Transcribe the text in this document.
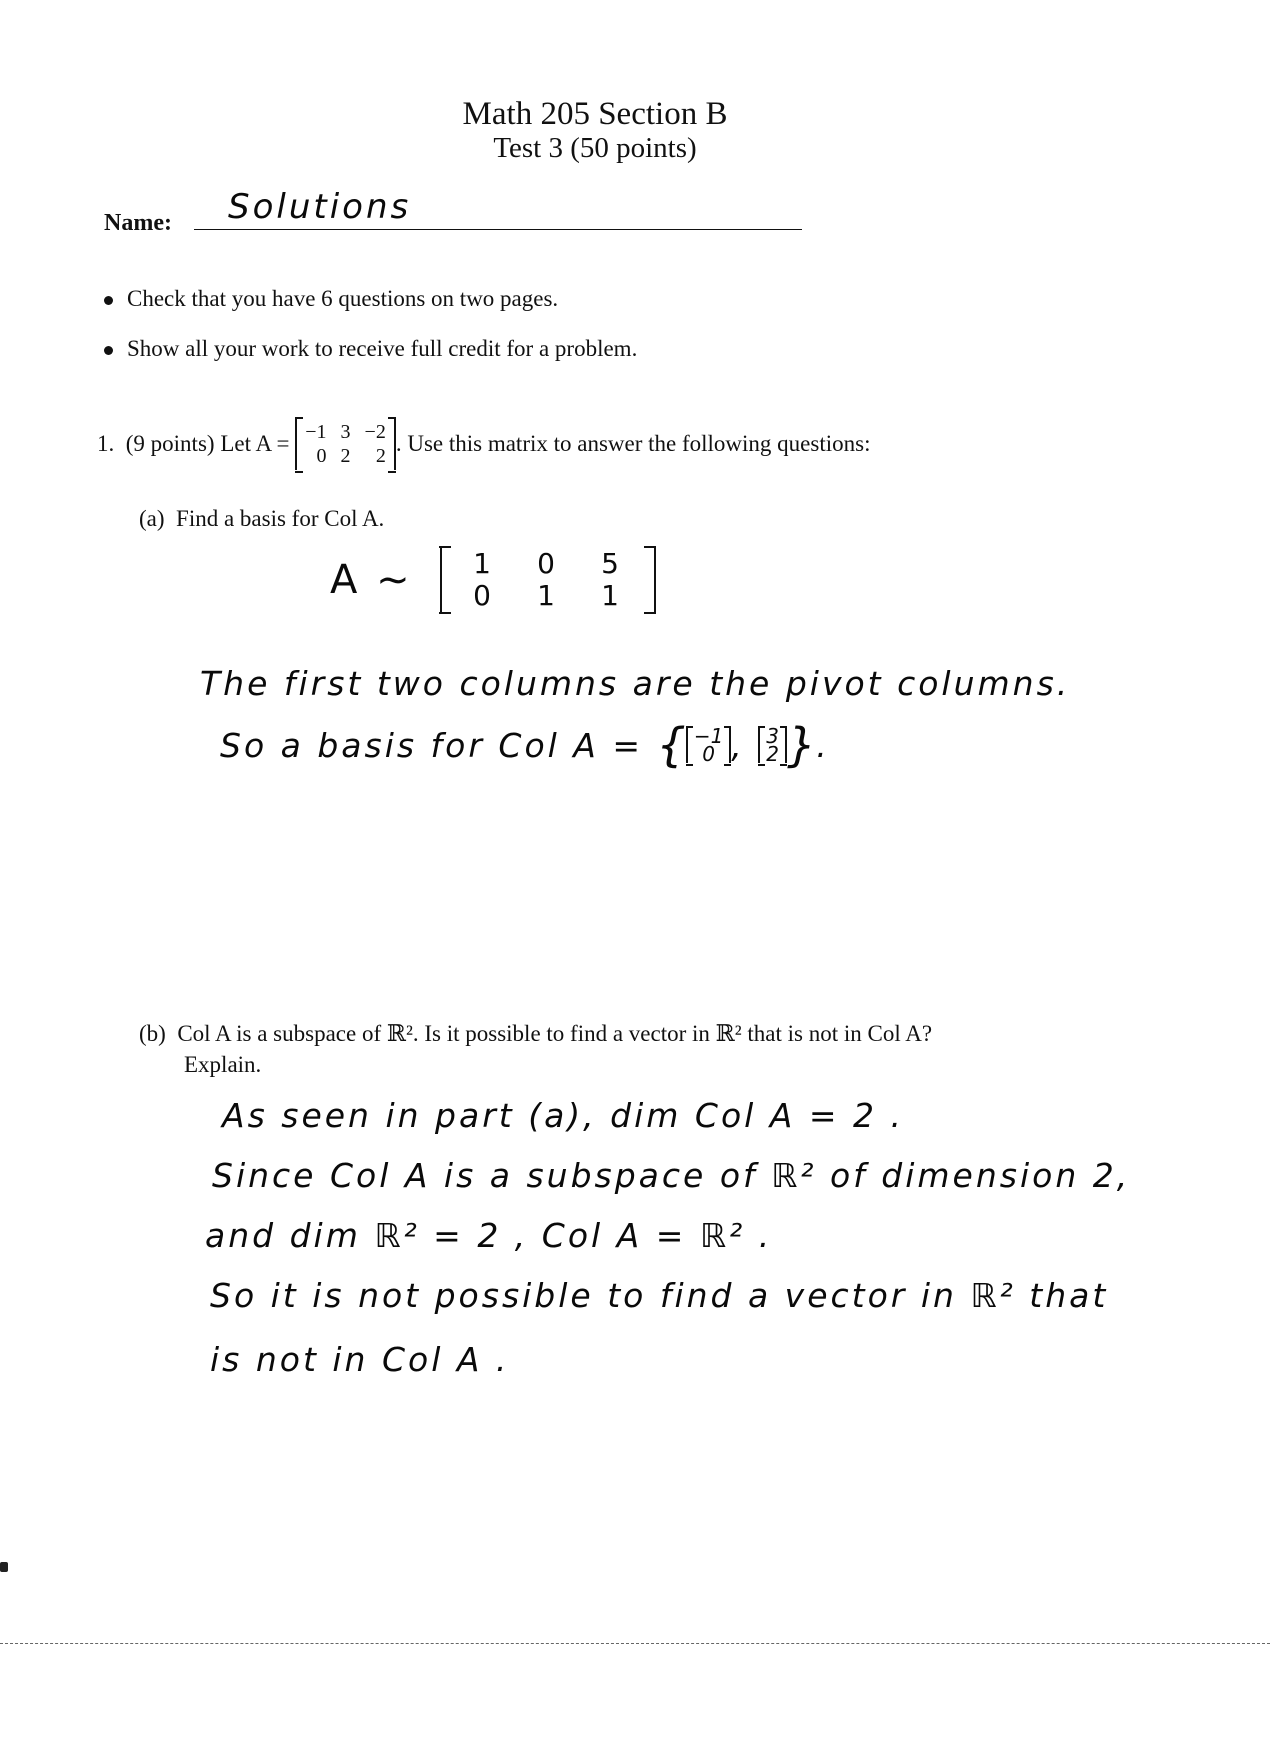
Math 205 Section B
Test 3 (50 points)
Name: Solutions
Check that you have 6 questions on two pages.
Show all your work to receive full credit for a problem.
1.
(9 points)
Let A =
−1 3 −2
0 2	2 . Use this matrix to answer the following questions:
(a) Find a basis for Col A.
A ∼
	1	0	5
0	1	1
The first two columns are the pivot columns.
So a basis for Col A =
{ −1
0 , 3
2 } .
(b) Col A is a subspace of ℝ². Is it possible to find a vector in ℝ² that is not in Col A?
Explain.
As seen in part (a), dim Col A = 2 .
Since Col A is a subspace of ℝ² of dimension 2,
and dim ℝ² = 2 , Col A = ℝ² .
So it is not possible to find a vector in ℝ² that
is not in Col A .
